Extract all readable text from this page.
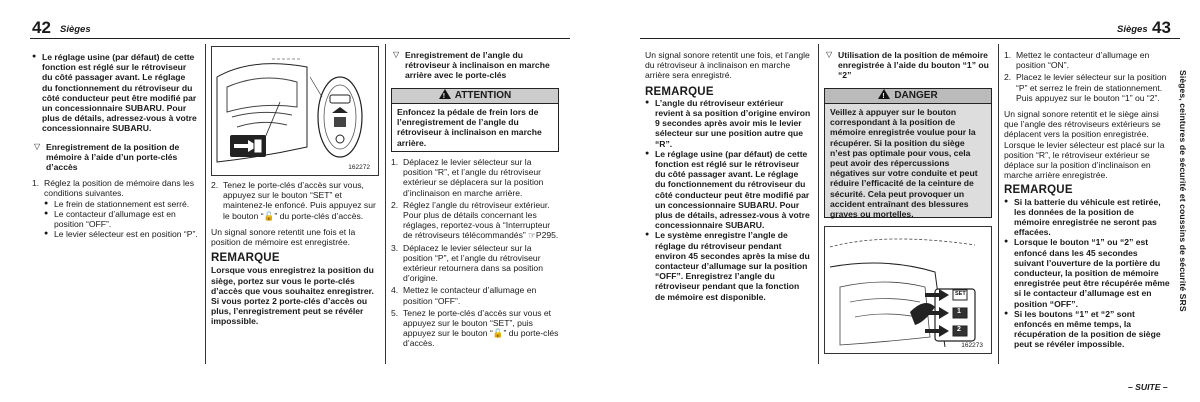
42 Sièges

● Le réglage usine (par défaut) de cette fonction est réglé sur le rétroviseur du côté passager avant. Le réglage du fonctionnement du rétroviseur du côté conducteur peut être modifié par un concessionnaire SUBARU. Pour plus de détails, adressez-vous à votre concessionnaire SUBARU.

▽ Enregistrement de la position de mémoire à l’aide d’un porte-clés d’accès

1. Réglez la position de mémoire dans les conditions suivantes.

● Le frein de stationnement est serré.

● Le contacteur d’allumage est en position “OFF”.

● Le levier sélecteur est en position “P”.

162272

2. Tenez le porte-clés d’accès sur vous, appuyez sur le bouton “SET” et maintenez-le enfoncé. Puis appuyez sur le bouton “🔓” du porte-clés d’accès.

Un signal sonore retentit une fois et la position de mémoire est enregistrée.

REMARQUE

Lorsque vous enregistrez la position du siège, portez sur vous le porte-clés d’accès que vous souhaitez enregistrer. Si vous portez 2 porte-clés d’accès ou plus, l’enregistrement peut se révéler impossible.

▽ Enregistrement de l’angle du rétroviseur à inclinaison en marche arrière avec le porte-clés

!ATTENTION
Enfoncez la pédale de frein lors de l’enregistrement de l’angle du rétroviseur à inclinaison en marche arrière.

1. Déplacez le levier sélecteur sur la position “R”, et l’angle du rétroviseur extérieur se déplacera sur la position d’inclinaison en marche arrière.

2. Réglez l’angle du rétroviseur extérieur. Pour plus de détails concernant les réglages, reportez-vous à “Interrupteur de rétroviseurs télécommandés” ☞P295.

3. Déplacez le levier sélecteur sur la position “P”, et l’angle du rétroviseur extérieur retournera dans sa position d’origine.

4. Mettez le contacteur d’allumage en position “OFF”.

5. Tenez le porte-clés d’accès sur vous et appuyez sur le bouton “SET”, puis appuyez sur le bouton “🔓” du porte-clés d’accès.

43
Sièges

Un signal sonore retentit une fois, et l’angle du rétroviseur à inclinaison en marche arrière sera enregistré.

REMARQUE

● L’angle du rétroviseur extérieur revient à sa position d’origine environ 9 secondes après avoir mis le levier sélecteur sur une position autre que “R”.

● Le réglage usine (par défaut) de cette fonction est réglé sur le rétroviseur du côté passager avant. Le réglage du fonctionnement du rétroviseur du côté conducteur peut être modifié par un concessionnaire SUBARU. Pour plus de détails, adressez-vous à votre concessionnaire SUBARU.

● Le système enregistre l’angle de réglage du rétroviseur pendant environ 45 secondes après la mise du contacteur d’allumage sur la position “OFF”. Enregistrez l’angle du rétroviseur pendant que la fonction de mémoire est disponible.

▽ Utilisation de la position de mémoire enregistrée à l’aide du bouton “1” ou “2”

!DANGER
Veillez à appuyer sur le bouton correspondant à la position de mémoire enregistrée voulue pour la récupérer. Si la position du siège n’est pas optimale pour vous, cela peut avoir des répercussions négatives sur votre conduite et peut réduire l’efficacité de la ceinture de sécurité. Cela peut provoquer un accident entraînant des blessures graves ou mortelles.
SET
1
2
162273

1. Mettez le contacteur d’allumage en position “ON”.

2. Placez le levier sélecteur sur la position “P” et serrez le frein de stationnement. Puis appuyez sur le bouton “1” ou “2”.

Un signal sonore retentit et le siège ainsi que l’angle des rétroviseurs extérieurs se déplacent vers la position enregistrée.

Lorsque le levier sélecteur est placé sur la position “R”, le rétroviseur extérieur se déplace sur la position d’inclinaison en marche arrière enregistrée.

REMARQUE

● Si la batterie du véhicule est retirée, les données de la position de mémoire enregistrée ne seront pas effacées.

● Lorsque le bouton “1” ou “2” est enfoncé dans les 45 secondes suivant l’ouverture de la portière du conducteur, la position de mémoire enregistrée peut être récupérée même si le contacteur d’allumage est en position “OFF”.

● Si les boutons “1” et “2” sont enfoncés en même temps, la récupération de la position de siège peut se révéler impossible.

Sièges, ceintures de sécurité et coussins de sécurité SRS
– SUITE –
